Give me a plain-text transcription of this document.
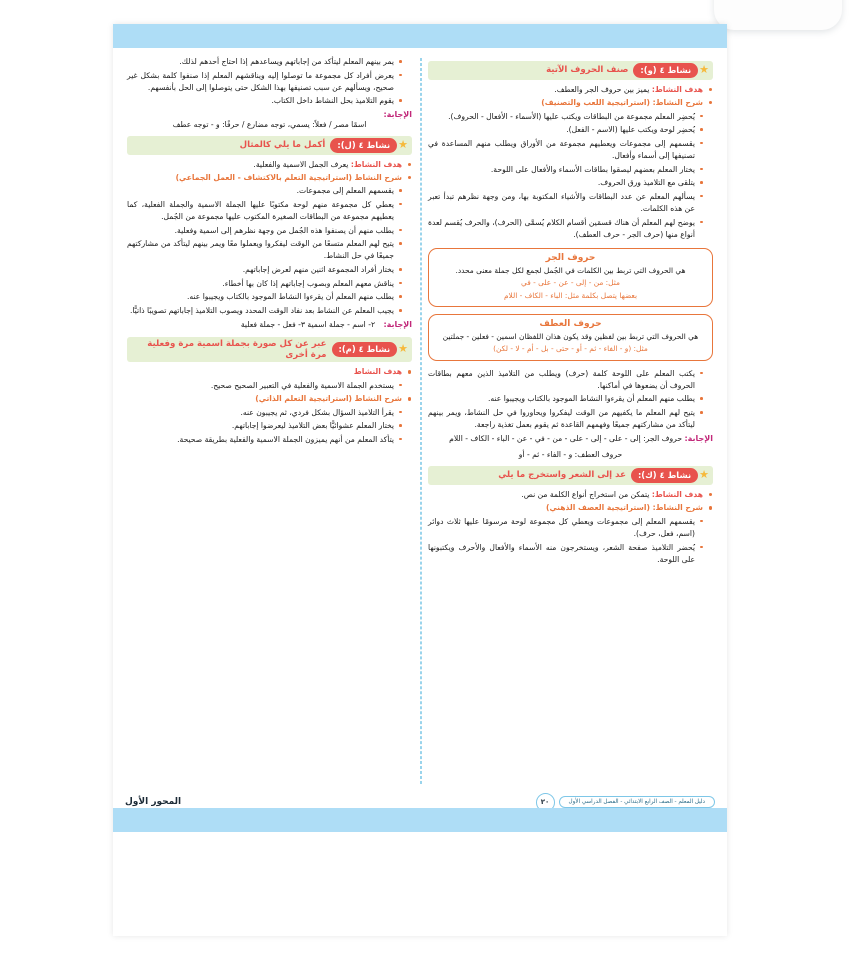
★
نشاط ٤ (و):
صنف الحروف الآتية
هدف النشاط: يميز بين حروف الجر والعطف.
شرح النشاط: (استراتيجية اللعب والتصنيف)
يُحضِر المعلم مجموعة من البطاقات ويكتب عليها (الأسماء - الأفعال - الحروف).
يُحضِر لوحة ويكتب عليها (الاسم - الفعل).
يقسمهم إلى مجموعات ويعطيهم مجموعة من الأوراق ويطلب منهم المساعدة في تصنيفها إلى أسماء وأفعال.
يختار المعلم بعضهم ليصقوا بطاقات الأسماء والأفعال على اللوحة.
يتلقى مع التلاميذ ورق الحروف.
يسألهم المعلم عن عدد البطاقات والأشياء المكتوبة بها، ومن وجهة نظرهم تبدأ تعبر عن هذه الكلمات.
يوضح لهم المعلم أن هناك قسمَين أقسام الكلام يُسمَّى (الحرف)، والحرف يُقسم لعدة أنواع منها (حرف الجر - حرف العطف).
حروف الجر
هي الحروف التي تربط بين الكلمات في الجُمل لجمع لكل جملة معنى محدد.
مثل: من - إلى - عن - على - في
بعضها يتصل بكلمة مثل: الباء - الكاف - اللام
حروف العطف
هي الحروف التي تربط بين لفظين وقد يكون هذان اللفظان اسمين - فعلين - جملتين
مثل: (و - الفاء - ثم - أو - حتى - بل - أم - لا - لكن)
يكتب المعلم على اللوحة كلمة (حرف) ويطلب من التلاميذ الذين معهم بطاقات الحروف أن يضعوها في أماكنها.
يطلب منهم المعلم أن يقرءوا النشاط الموجود بالكتاب ويجيبوا عنه.
يتيح لهم المعلم ما يكفيهم من الوقت ليفكروا ويحاوروا في حل النشاط، ويمر بينهم ليتأكد من مشاركتهم جميعًا وفهمهم القاعدة ثم يقوم بعمل تغذية راجعة.
الإجابة: حروف الجر: إلى - على - إلى - على - من - في - عن - الباء - الكاف - اللام
حروف العطف: و - الفاء - ثم - أو
★
نشاط ٤ (ك):
عد إلى الشعر واستخرج ما يلي
هدف النشاط: يتمكن من استخراج أنواع الكلمة من نص.
شرح النشاط: (استراتيجية العصف الذهني)
يقسمهم المعلم إلى مجموعات ويعطي كل مجموعة لوحة مرسومًا عليها ثلاث دوائر (اسم، فعل، حرف).
يُحضر التلاميذ صفحة الشعر، ويستخرجون منه الأسماء والأفعال والأحرف ويكتبونها على اللوحة.
يمر بينهم المعلم ليتأكد من إجاباتهم ويساعدهم إذا احتاج أحدهم لذلك.
يعرض أفراد كل مجموعة ما توصلوا إليه ويناقشهم المعلم إذا صنفوا كلمة بشكل غير صحيح، ويسألهم عن سبب تصنيفها بهذا الشكل حتى يتوصلوا إلى الحل بأنفسهم.
يقوم التلاميذ بحل النشاط داخل الكتاب.
الإجابة:
اسمًا مصر / فعلاً: يسمي، توجه مضارع / حرفًا: و - توجه عطف
★
نشاط ٤ (ل):
أكمل ما يلي كالمثال
هدف النشاط: يعرف الجمل الاسمية والفعلية.
شرح النشاط (استراتيجية التعلم بالاكتشاف - العمل الجماعي)
يقسمهم المعلم إلى مجموعات.
يعطي كل مجموعة منهم لوحة مكتوبًا عليها الجملة الاسمية والجملة الفعلية، كما يعطيهم مجموعة من البطاقات الصغيرة المكتوب عليها مجموعة من الجُمل.
يطلب منهم أن يصنفوا هذه الجُمل من وجهة نظرهم إلى اسمية وفعلية.
يتيح لهم المعلم متسعًا من الوقت ليفكروا ويعملوا معًا ويمر بينهم ليتأكد من مشاركتهم جميعًا في حل النشاط.
يختار أفراد المجموعة اثنين منهم لعرض إجاباتهم.
يناقش معهم المعلم وبصوب إجاباتهم إذا كان بها أخطاء.
يطلب منهم المعلم أن يقرءوا النشاط الموجود بالكتاب ويجيبوا عنه.
يجيب المعلم عن النشاط بعد نفاد الوقت المحدد ويصوب التلاميذ إجاباتهم تصويبًا ذاتيًّا.
الإجابة: ٢- اسم - جملة اسمية ٣- فعل - جملة فعلية
★
نشاط ٤ (م):
عبر عن كل صورة بجملة اسمية مرة وفعلية مرة أخرى
هدف النشاط
يستخدم الجملة الاسمية والفعلية في التعبير الصحيح صحيح.
شرح النشاط (استراتيجية التعلم الذاتي)
يقرأ التلاميذ السؤال بشكل فردي، ثم يجيبون عنه.
يختار المعلم عشوائيًّا بعض التلاميذ ليعرضوا إجاباتهم.
يتأكد المعلم من أنهم يميزون الجملة الاسمية والفعلية بطريقة صحيحة.
المحور الأول	٢٠	دليل المعلم - الصف الرابع الابتدائي - الفصل الدراسي الأول
